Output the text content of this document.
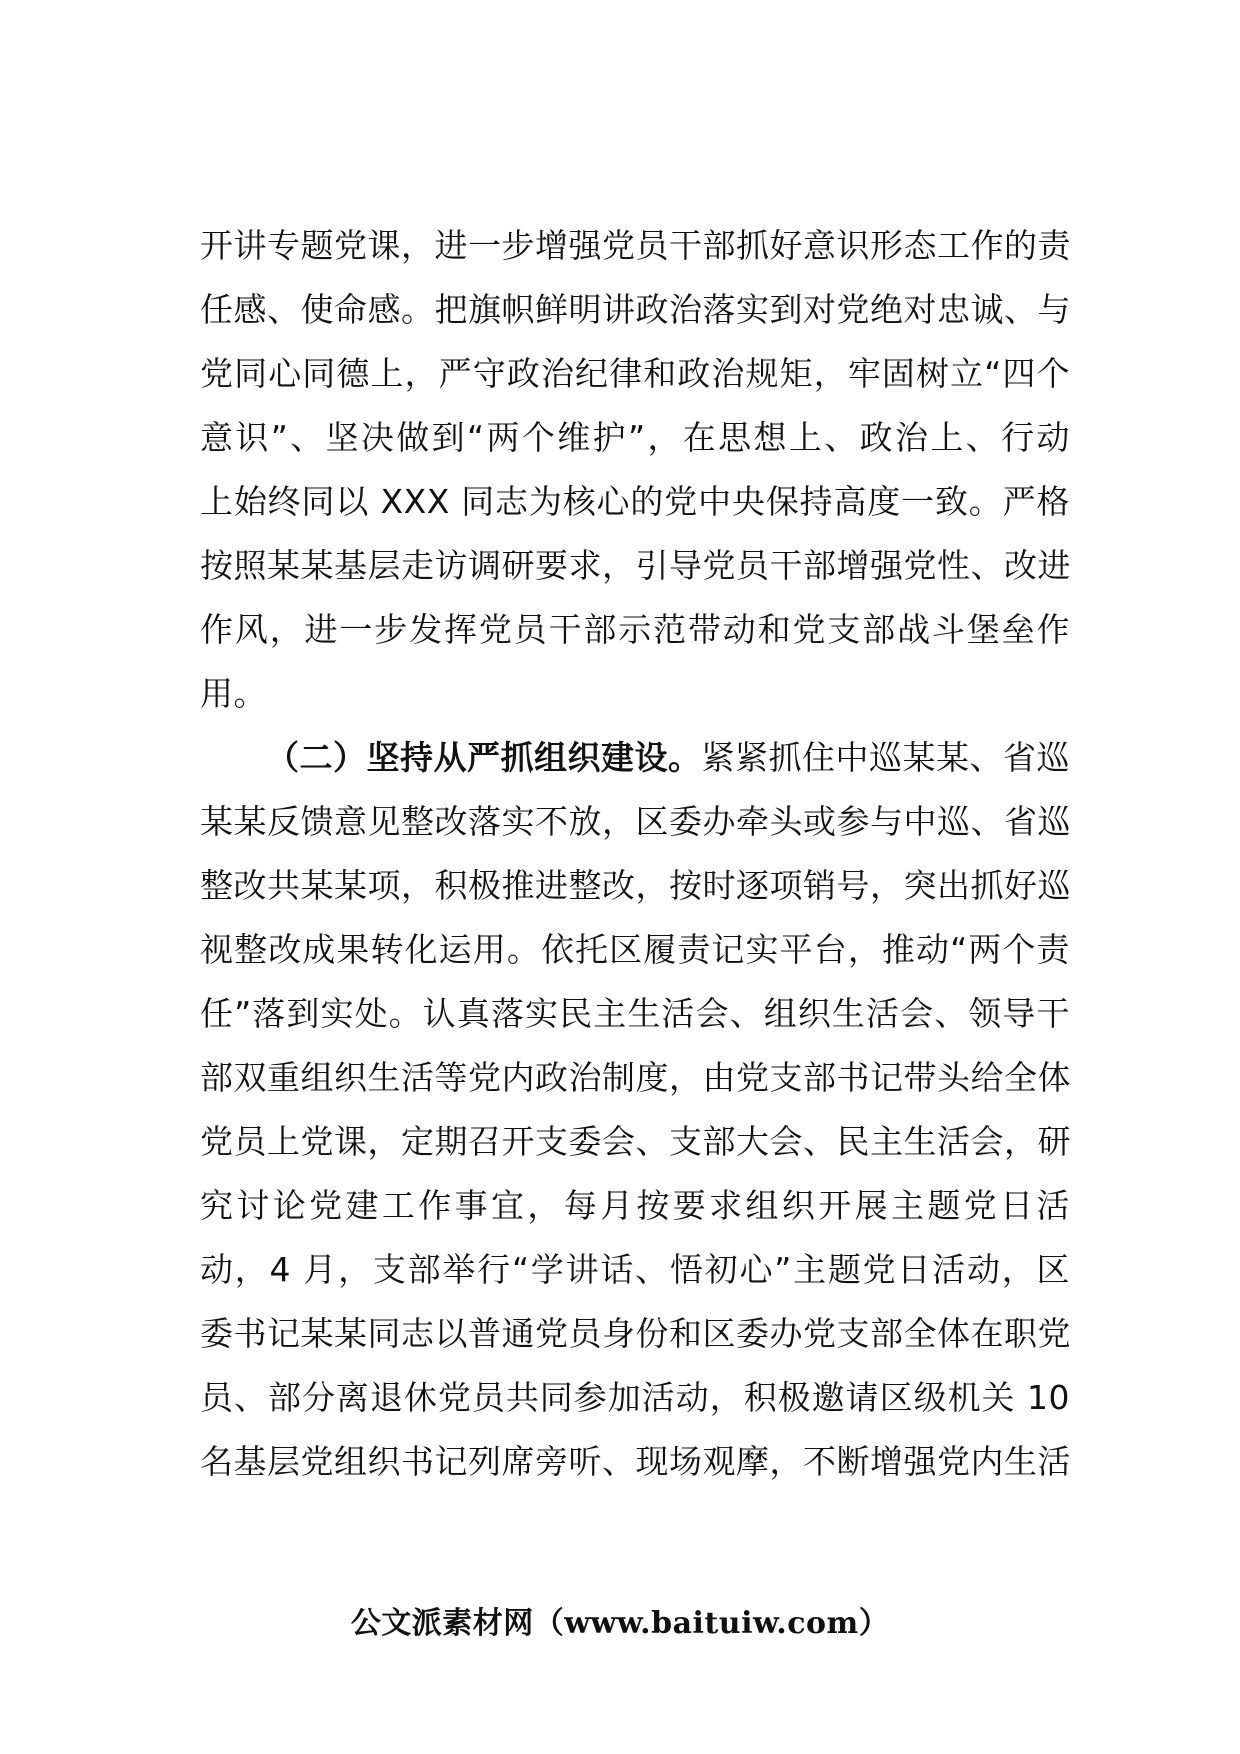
开讲专题党课，进一步增强党员干部抓好意识形态工作的责
任感、使命感。把旗帜鲜明讲政治落实到对党绝对忠诚、与
党同心同德上，严守政治纪律和政治规矩，牢固树立“四个
意识”、坚决做到“两个维护”，在思想上、政治上、行动
上始终同以 XXX 同志为核心的党中央保持高度一致。严格
按照某某基层走访调研要求，引导党员干部增强党性、改进
作风，进一步发挥党员干部示范带动和党支部战斗堡垒作
用。
（二）坚持从严抓组织建设。紧紧抓住中巡某某、省巡
某某反馈意见整改落实不放，区委办牵头或参与中巡、省巡
整改共某某项，积极推进整改，按时逐项销号，突出抓好巡
视整改成果转化运用。依托区履责记实平台，推动“两个责
任”落到实处。认真落实民主生活会、组织生活会、领导干
部双重组织生活等党内政治制度，由党支部书记带头给全体
党员上党课，定期召开支委会、支部大会、民主生活会，研
究讨论党建工作事宜，每月按要求组织开展主题党日活
动，4 月，支部举行“学讲话、悟初心”主题党日活动，区
委书记某某同志以普通党员身份和区委办党支部全体在职党
员、部分离退休党员共同参加活动，积极邀请区级机关 10
名基层党组织书记列席旁听、现场观摩，不断增强党内生活
公文派素材网（www.baituiw.com）
